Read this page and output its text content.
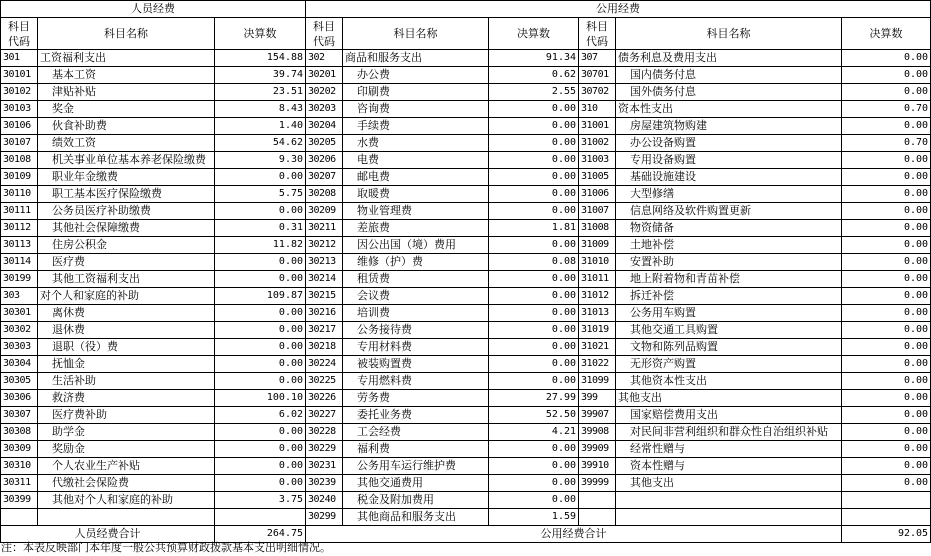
人员经费			公用经费					
科目代码	科目名称	决算数	科目代码	科目名称	决算数	科目代码	科目名称	决算数
301	工资福利支出	154.88	302	商品和服务支出	91.34	307	债务利息及费用支出	0.00
30101	基本工资	39.74	30201	办公费	0.62	30701	国内债务付息	0.00
30102	津贴补贴	23.51	30202	印刷费	2.55	30702	国外债务付息	0.00
30103	奖金	8.43	30203	咨询费	0.00	310	资本性支出	0.70
30106	伙食补助费	1.40	30204	手续费	0.00	31001	房屋建筑物购建	0.00
30107	绩效工资	54.62	30205	水费	0.00	31002	办公设备购置	0.70
30108	机关事业单位基本养老保险缴费	9.30	30206	电费	0.00	31003	专用设备购置	0.00
30109	职业年金缴费	0.00	30207	邮电费	0.00	31005	基础设施建设	0.00
30110	职工基本医疗保险缴费	5.75	30208	取暖费	0.00	31006	大型修缮	0.00
30111	公务员医疗补助缴费	0.00	30209	物业管理费	0.00	31007	信息网络及软件购置更新	0.00
30112	其他社会保障缴费	0.31	30211	差旅费	1.81	31008	物资储备	0.00
30113	住房公积金	11.82	30212	因公出国（境）费用	0.00	31009	土地补偿	0.00
30114	医疗费	0.00	30213	维修（护）费	0.08	31010	安置补助	0.00
30199	其他工资福利支出	0.00	30214	租赁费	0.00	31011	地上附着物和青苗补偿	0.00
303	对个人和家庭的补助	109.87	30215	会议费	0.00	31012	拆迁补偿	0.00
30301	离休费	0.00	30216	培训费	0.00	31013	公务用车购置	0.00
30302	退休费	0.00	30217	公务接待费	0.00	31019	其他交通工具购置	0.00
30303	退职（役）费	0.00	30218	专用材料费	0.00	31021	文物和陈列品购置	0.00
30304	抚恤金	0.00	30224	被装购置费	0.00	31022	无形资产购置	0.00
30305	生活补助	0.00	30225	专用燃料费	0.00	31099	其他资本性支出	0.00
30306	救济费	100.10	30226	劳务费	27.99	399	其他支出	0.00
30307	医疗费补助	6.02	30227	委托业务费	52.50	39907	国家赔偿费用支出	0.00
30308	助学金	0.00	30228	工会经费	4.21	39908	对民间非营利组织和群众性自治组织补贴	0.00
30309	奖励金	0.00	30229	福利费	0.00	39909	经常性赠与	0.00
30310	个人农业生产补贴	0.00	30231	公务用车运行维护费	0.00	39910	资本性赠与	0.00
30311	代缴社会保险费	0.00	30239	其他交通费用	0.00	39999	其他支出	0.00
30399	其他对个人和家庭的补助	3.75	30240	税金及附加费用	0.00			
			30299	其他商品和服务支出	1.59			
人员经费合计		264.75	公用经费合计					92.05
注：本表反映部门本年度一般公共预算财政拨款基本支出明细情况。
